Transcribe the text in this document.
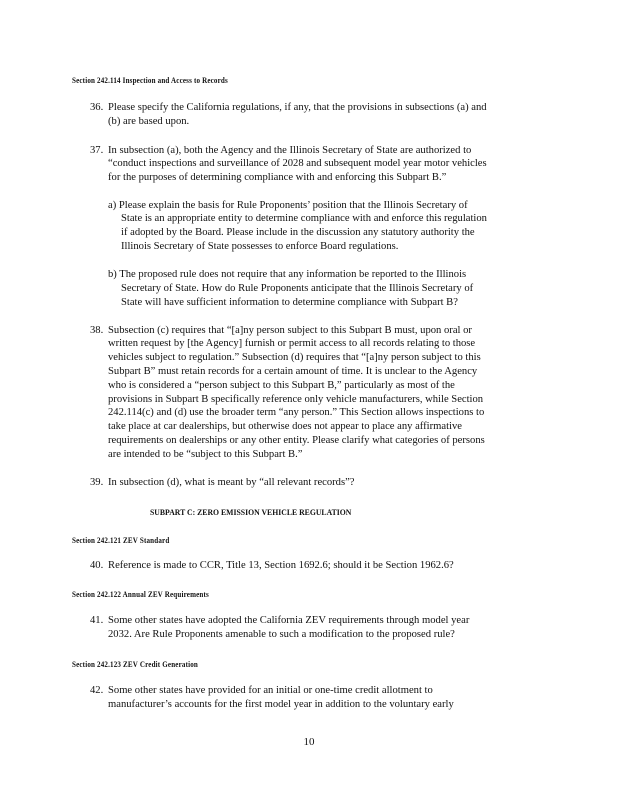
Section 242.114 Inspection and Access to Records
36. Please specify the California regulations, if any, that the provisions in subsections (a) and
(b) are based upon.
37. In subsection (a), both the Agency and the Illinois Secretary of State are authorized to
“conduct inspections and surveillance of 2028 and subsequent model year motor vehicles
for the purposes of determining compliance with and enforcing this Subpart B.”
a) Please explain the basis for Rule Proponents’ position that the Illinois Secretary of
State is an appropriate entity to determine compliance with and enforce this regulation
if adopted by the Board. Please include in the discussion any statutory authority the
Illinois Secretary of State possesses to enforce Board regulations.
b) The proposed rule does not require that any information be reported to the Illinois
Secretary of State. How do Rule Proponents anticipate that the Illinois Secretary of
State will have sufficient information to determine compliance with Subpart B?
38. Subsection (c) requires that “[a]ny person subject to this Subpart B must, upon oral or
written request by [the Agency] furnish or permit access to all records relating to those
vehicles subject to regulation.” Subsection (d) requires that “[a]ny person subject to this
Subpart B” must retain records for a certain amount of time. It is unclear to the Agency
who is considered a “person subject to this Subpart B,” particularly as most of the
provisions in Subpart B specifically reference only vehicle manufacturers, while Section
242.114(c) and (d) use the broader term “any person.” This Section allows inspections to
take place at car dealerships, but otherwise does not appear to place any affirmative
requirements on dealerships or any other entity. Please clarify what categories of persons
are intended to be “subject to this Subpart B.”
39. In subsection (d), what is meant by “all relevant records”?
SUBPART C: ZERO EMISSION VEHICLE REGULATION
Section 242.121 ZEV Standard
40. Reference is made to CCR, Title 13, Section 1692.6; should it be Section 1962.6?
Section 242.122 Annual ZEV Requirements
41. Some other states have adopted the California ZEV requirements through model year
2032. Are Rule Proponents amenable to such a modification to the proposed rule?
Section 242.123 ZEV Credit Generation
42. Some other states have provided for an initial or one-time credit allotment to
manufacturer’s accounts for the first model year in addition to the voluntary early
10
